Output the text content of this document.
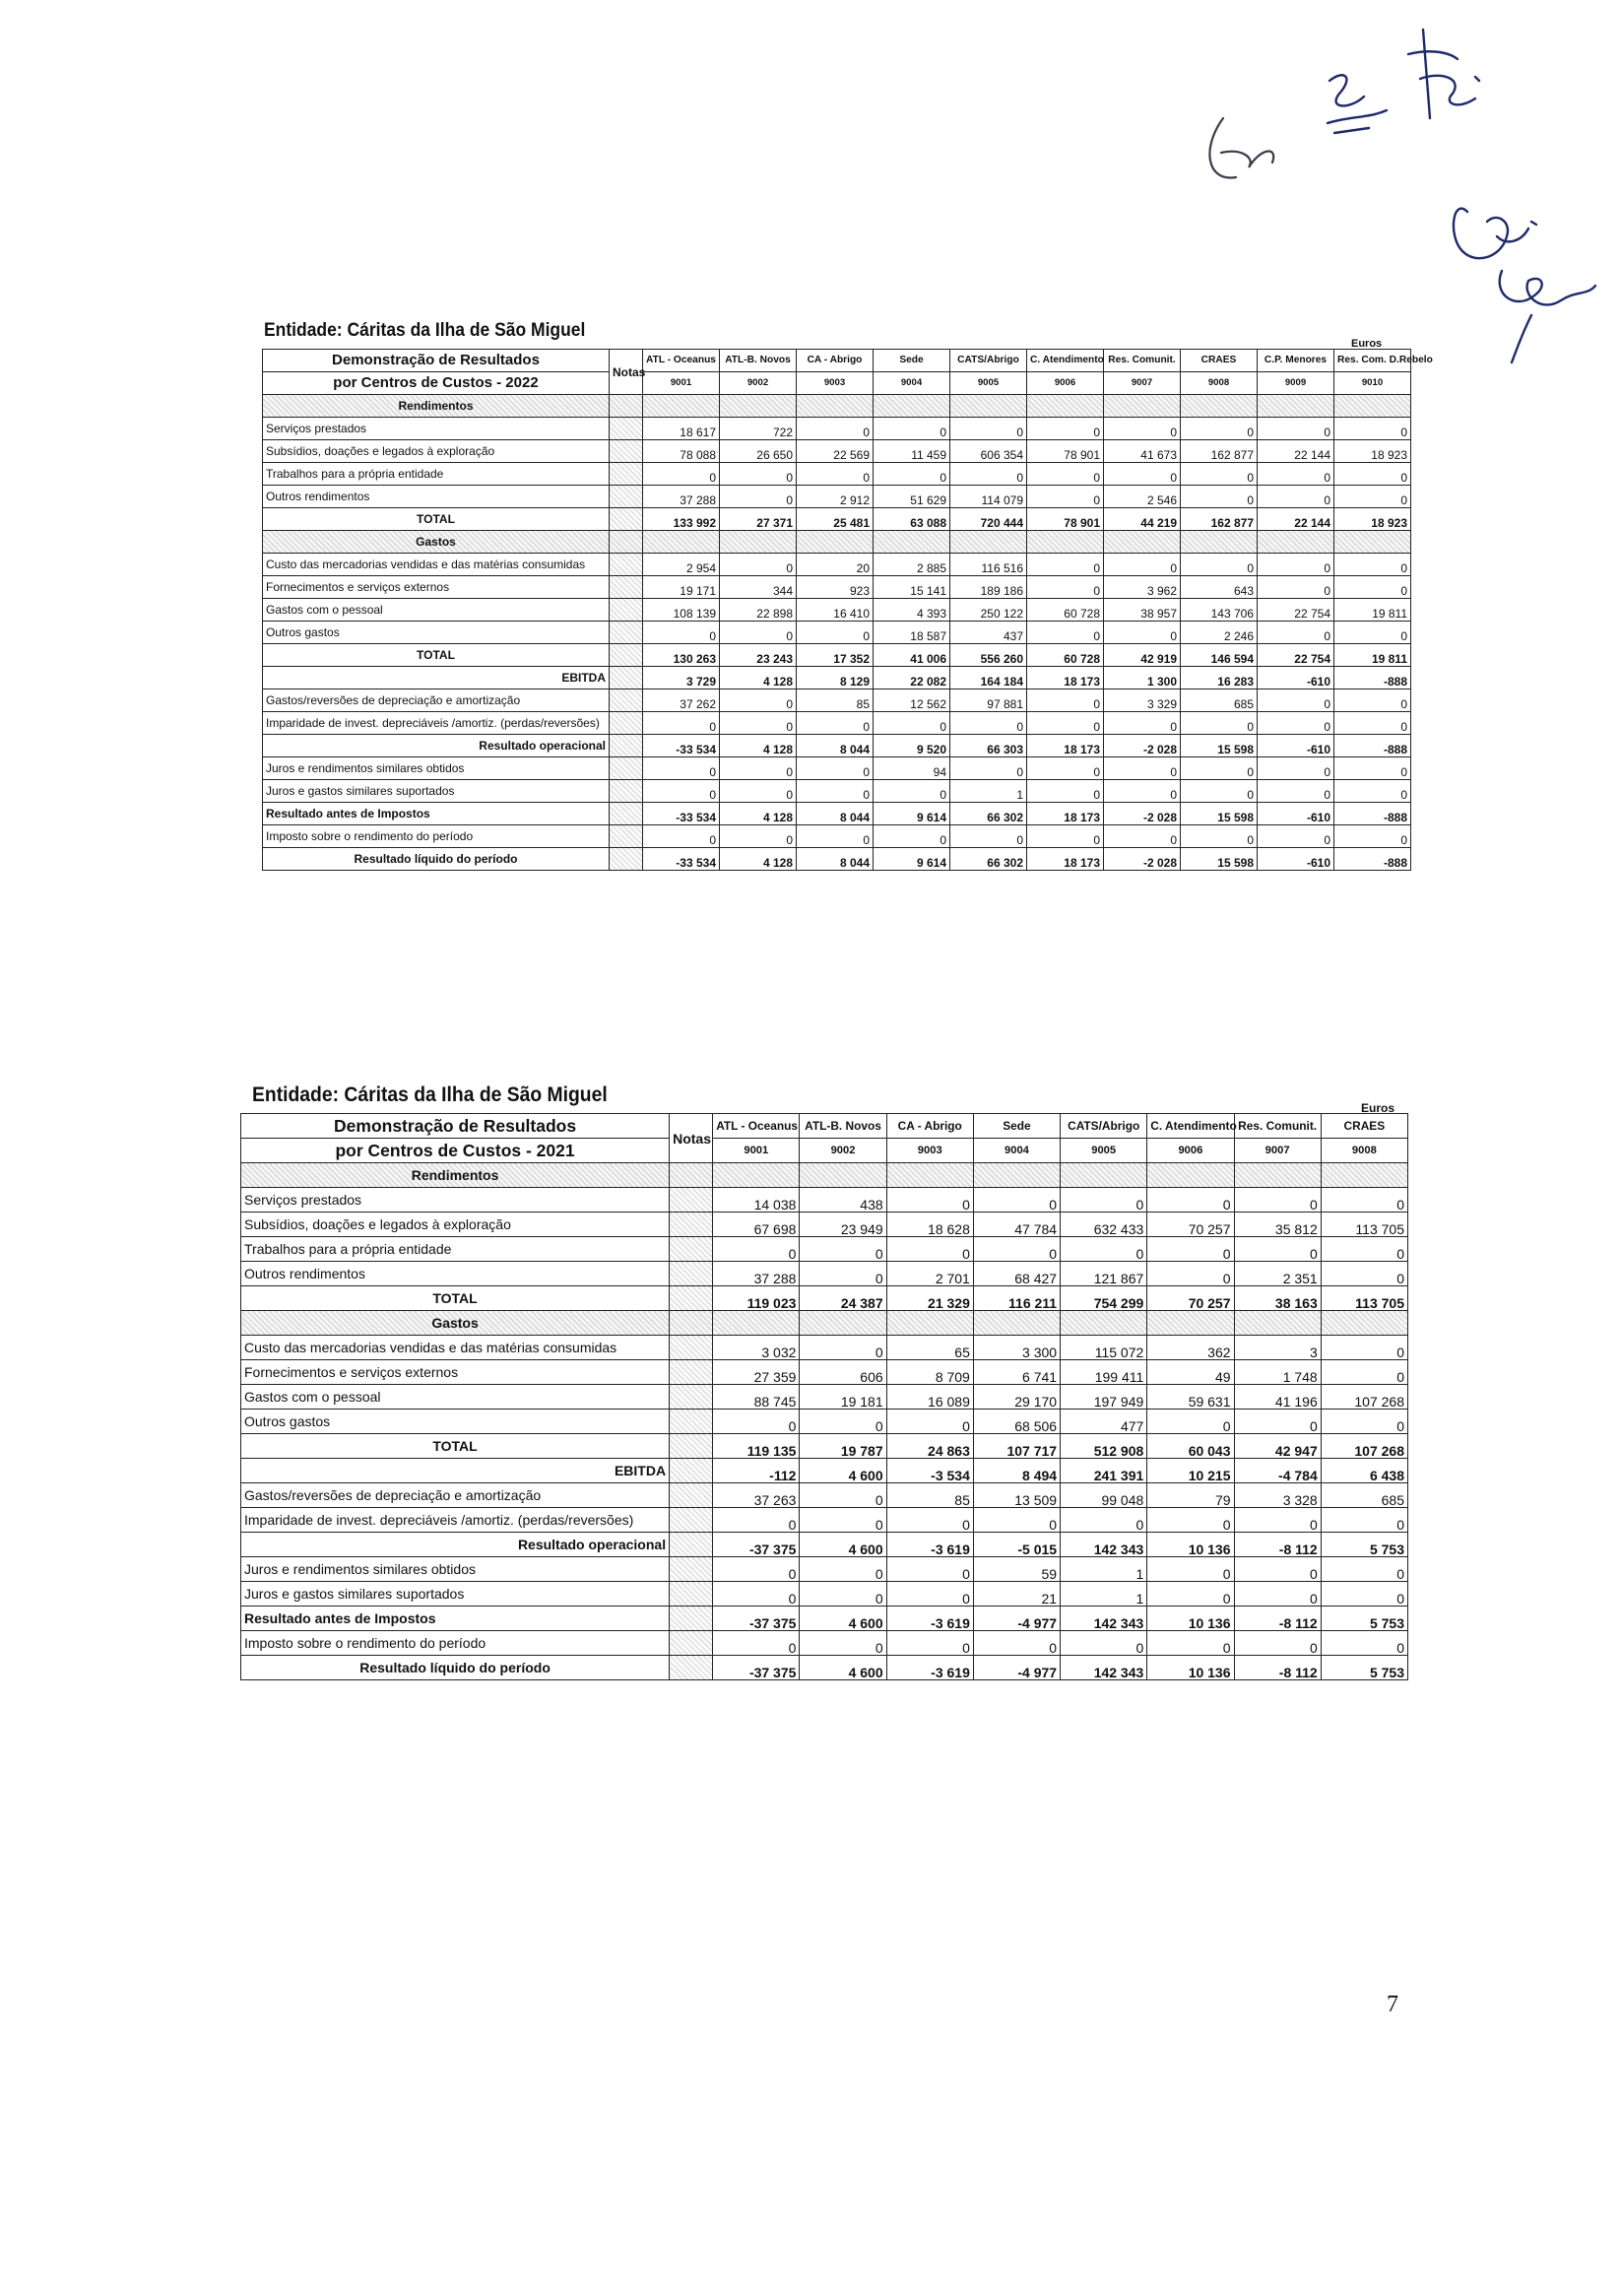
Entidade: Cáritas da Ilha de São Miguel
Euros
Demonstração de Resultados	Notas	ATL - Oceanus	ATL-B. Novos	CA - Abrigo	Sede	CATS/Abrigo	C. Atendimento	Res. Comunit.	CRAES	C.P. Menores	Res. Com. D.Rebelo
por Centros de Custos - 2022		9001	9002	9003	9004	9005	9006	9007	9008	9009	9010
Rendimentos											
Serviços prestados		18 617	722	0	0	0	0	0	0	0	0
Subsídios, doações e legados à exploração		78 088	26 650	22 569	11 459	606 354	78 901	41 673	162 877	22 144	18 923
Trabalhos para a própria entidade		0	0	0	0	0	0	0	0	0	0
Outros rendimentos		37 288	0	2 912	51 629	114 079	0	2 546	0	0	0
TOTAL		133 992	27 371	25 481	63 088	720 444	78 901	44 219	162 877	22 144	18 923
Gastos											
Custo das mercadorias vendidas e das matérias consumidas		2 954	0	20	2 885	116 516	0	0	0	0	0
Fornecimentos e serviços externos		19 171	344	923	15 141	189 186	0	3 962	643	0	0
Gastos com o pessoal		108 139	22 898	16 410	4 393	250 122	60 728	38 957	143 706	22 754	19 811
Outros gastos		0	0	0	18 587	437	0	0	2 246	0	0
TOTAL		130 263	23 243	17 352	41 006	556 260	60 728	42 919	146 594	22 754	19 811
EBITDA		3 729	4 128	8 129	22 082	164 184	18 173	1 300	16 283	-610	-888
Gastos/reversões de depreciação e amortização		37 262	0	85	12 562	97 881	0	3 329	685	0	0
Imparidade de invest. depreciáveis /amortiz. (perdas/reversões)		0	0	0	0	0	0	0	0	0	0
Resultado operacional		-33 534	4 128	8 044	9 520	66 303	18 173	-2 028	15 598	-610	-888
Juros e rendimentos similares obtidos		0	0	0	94	0	0	0	0	0	0
Juros e gastos similares suportados		0	0	0	0	1	0	0	0	0	0
Resultado antes de Impostos		-33 534	4 128	8 044	9 614	66 302	18 173	-2 028	15 598	-610	-888
Imposto sobre o rendimento do período		0	0	0	0	0	0	0	0	0	0
Resultado líquido do período		-33 534	4 128	8 044	9 614	66 302	18 173	-2 028	15 598	-610	-888
Entidade: Cáritas da Ilha de São Miguel
Euros
Demonstração de Resultados	Notas	ATL - Oceanus	ATL-B. Novos	CA - Abrigo	Sede	CATS/Abrigo	C. Atendimento	Res. Comunit.	CRAES
por Centros de Custos - 2021		9001	9002	9003	9004	9005	9006	9007	9008
Rendimentos									
Serviços prestados		14 038	438	0	0	0	0	0	0
Subsídios, doações e legados à exploração		67 698	23 949	18 628	47 784	632 433	70 257	35 812	113 705
Trabalhos para a própria entidade		0	0	0	0	0	0	0	0
Outros rendimentos		37 288	0	2 701	68 427	121 867	0	2 351	0
TOTAL		119 023	24 387	21 329	116 211	754 299	70 257	38 163	113 705
Gastos									
Custo das mercadorias vendidas e das matérias consumidas		3 032	0	65	3 300	115 072	362	3	0
Fornecimentos e serviços externos		27 359	606	8 709	6 741	199 411	49	1 748	0
Gastos com o pessoal		88 745	19 181	16 089	29 170	197 949	59 631	41 196	107 268
Outros gastos		0	0	0	68 506	477	0	0	0
TOTAL		119 135	19 787	24 863	107 717	512 908	60 043	42 947	107 268
EBITDA		-112	4 600	-3 534	8 494	241 391	10 215	-4 784	6 438
Gastos/reversões de depreciação e amortização		37 263	0	85	13 509	99 048	79	3 328	685
Imparidade de invest. depreciáveis /amortiz. (perdas/reversões)		0	0	0	0	0	0	0	0
Resultado operacional		-37 375	4 600	-3 619	-5 015	142 343	10 136	-8 112	5 753
Juros e rendimentos similares obtidos		0	0	0	59	1	0	0	0
Juros e gastos similares suportados		0	0	0	21	1	0	0	0
Resultado antes de Impostos		-37 375	4 600	-3 619	-4 977	142 343	10 136	-8 112	5 753
Imposto sobre o rendimento do período		0	0	0	0	0	0	0	0
Resultado líquido do período		-37 375	4 600	-3 619	-4 977	142 343	10 136	-8 112	5 753
7
